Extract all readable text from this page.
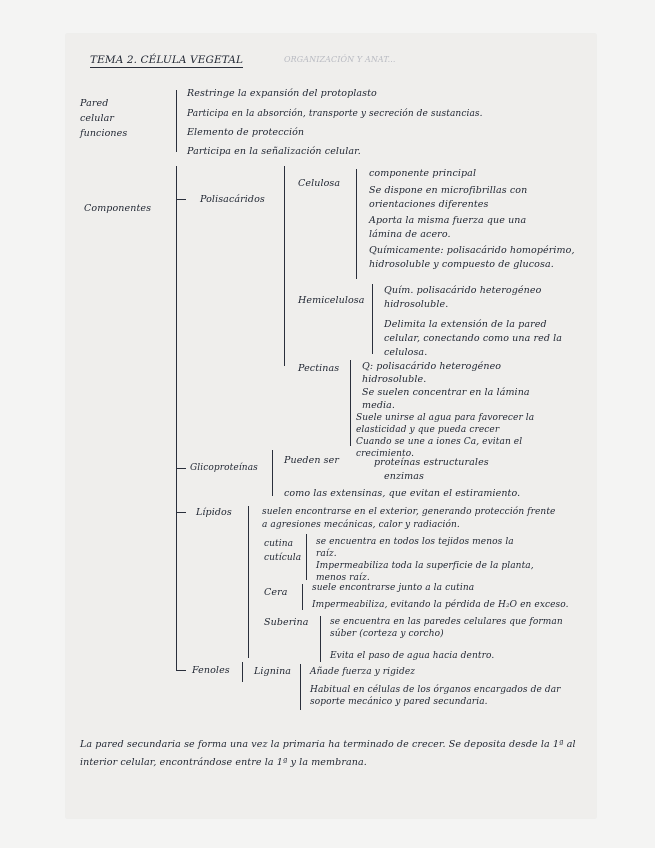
TEMA 2. CÉLULA VEGETAL	ORGANIZACIÓN Y ANAT...
Pared celular funciones
Restringe la expansión del protoplasto
Participa en la absorción, transporte y secreción de sustancias.
Elemento de protección
Participa en la señalización celular.
Componentes
Polisacáridos
Celulosa
componente principal
Se dispone en microfibrillas con orientaciones diferentes
Aporta la misma fuerza que una lámina de acero.
Químicamente: polisacárido homopérimo, hidrosoluble y compuesto de glucosa.
Hemicelulosa
Quím. polisacárido heterogéneo hidrosoluble.
Delimita la extensión de la pared celular, conectando como una red la celulosa.
Pectinas Q: polisacárido heterogéneo hidrosoluble.
Se suelen concentrar en la lámina media.
Suele unirse al agua para favorecer la elasticidad y que pueda crecer
Cuando se une a iones Ca, evitan el crecimiento.
Glicoproteínas
Pueden ser	proteínas estructurales
enzimas
como las extensinas, que evitan el estiramiento.
Lípidos	suelen encontrarse en el exterior, generando protección frente a agresiones mecánicas, calor y radiación.
cutina cutícula
se encuentra en todos los tejidos menos la raíz.
Impermeabiliza toda la superficie de la planta, menos raíz.
Cera	suele encontrarse junto a la cutina
Impermeabiliza, evitando la pérdida de H₂O en exceso.
Suberina se encuentra en las paredes celulares que forman súber (corteza y corcho)
Evita el paso de agua hacia dentro.
Fenoles	Lignina Añade fuerza y rigidez
Habitual en células de los órganos encargados de dar soporte mecánico y pared secundaria.
La pared secundaria se forma una vez la primaria ha terminado de crecer. Se deposita desde la 1ª al interior celular, encontrándose entre la 1ª y la membrana.
